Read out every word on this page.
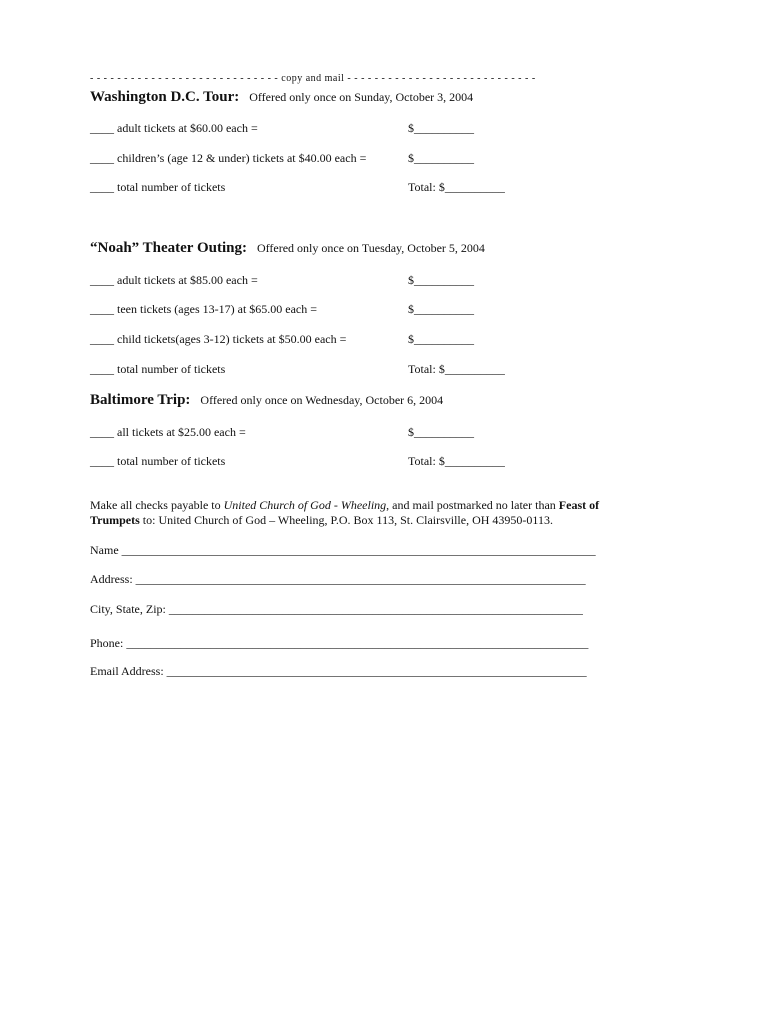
- - - - - - - - - - - - - - - - - - - - - - - - - - - - copy and mail - - - - - - - - - - - - - - - - - - - - - - - - - - - -
Washington D.C. Tour: Offered only once on Sunday, October 3, 2004
____ adult tickets at $60.00 each =	$__________
____ children’s (age 12 & under) tickets at $40.00 each =	$__________
____ total number of tickets	Total: $__________
“Noah” Theater Outing: Offered only once on Tuesday, October 5, 2004
____ adult tickets at $85.00 each =	$__________
____ teen tickets (ages 13-17) at $65.00 each =	$__________
____ child tickets(ages 3-12) tickets at $50.00 each =	$__________
____ total number of tickets	Total: $__________
Baltimore Trip: Offered only once on Wednesday, October 6, 2004
____ all tickets at $25.00 each =	$__________
____ total number of tickets	Total: $__________
Make all checks payable to United Church of God - Wheeling, and mail postmarked no later than Feast of Trumpets to: United Church of God – Wheeling, P.O. Box 113, St. Clairsville, OH 43950-0113.
Name _______________________________________________________________________________
Address: ___________________________________________________________________________
City, State, Zip: _____________________________________________________________________
Phone: _____________________________________________________________________________
Email Address: ______________________________________________________________________
